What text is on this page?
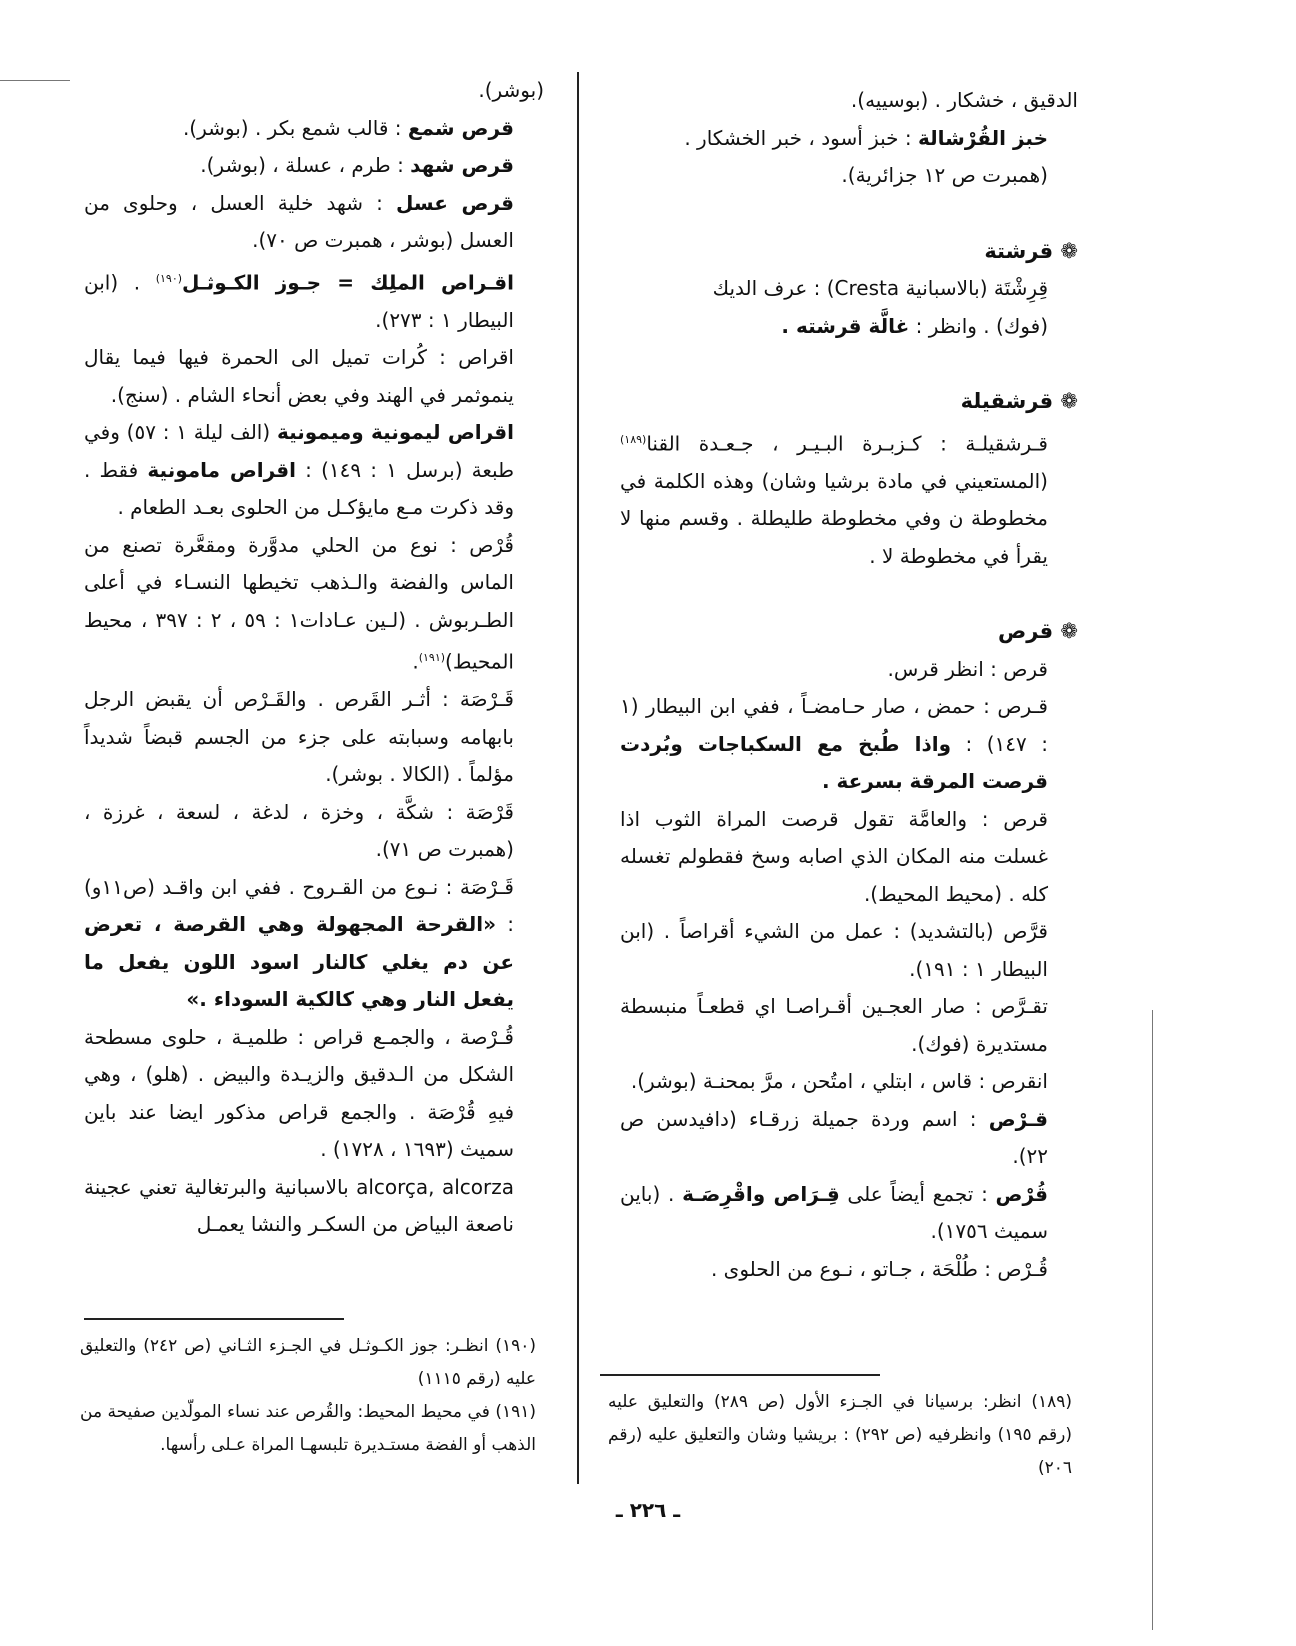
الدقيق ، خشكار . (بوسييه).

خبز القُرْشالة : خبز أسود ، خبر الخشكار .

(همبرت ص ١٢ جزائرية).

❁ قرشتة

قِرِشْتَة (بالاسبانية Cresta) : عرف الديك

(فوك) . وانظر : غالَّة قرشته .

❁ قرشقيلة

قـرشقيلـة : كـزبـرة البـيـر ، جـعـدة القنا$^{(١٨٩)}$(المستعيني في مادة برشيا وشان) وهذه الكلمة في مخطوطة ن وفي مخطوطة طليطلة . وقسم منها لا يقرأ في مخطوطة لا .

❁ قرص

قرص : انظر قرس.

قـرص : حمض ، صار حـامضـاً ، ففي ابن البيطار (١ : ١٤٧) : واذا طُبخ مع السكباجات وبُردت قرصت المرقة بسرعة .

قرص : والعامَّة تقول قرصت المراة الثوب اذا غسلت منه المكان الذي اصابه وسخ فقطولم تغسله كله . (محيط المحيط).

قرَّص (بالتشديد) : عمل من الشيء أقراصاً . (ابن البيطار ١ : ١٩١).

تقـرَّص : صار العجـين أقـراصـا اي قطعـاً منبسطة مستديرة (فوك).

انقرص : قاس ، ابتلي ، امتُحن ، مرَّ بمحنـة (بوشر).

قـرْص : اسم وردة جميلة زرقـاء (دافيدسن ص ٢٢).

قُرْص : تجمع أيضاً على قِـرَاص واقْرِصَـة . (باين سميث ١٧٥٦).

قُـرْص : طُلْحَة ، جـاتو ، نـوع من الحلوى .

(بوشر).

قرص شمع : قالب شمع بكر . (بوشر).

قرص شهد : طرم ، عسلة ، (بوشر).

قرص عسل : شهد خلية العسل ، وحلوى من العسل (بوشر ، همبرت ص ٧٠).

اقـراص الملِك = جـوز الكـوثـل$^{(١٩٠)}$ . (ابن البيطار ١ : ٢٧٣).

اقراص : كُرات تميل الى الحمرة فيها فيما يقال ينموثمر في الهند وفي بعض أنحاء الشام . (سنج).

اقراص ليمونية وميمونية (الف ليلة ١ : ٥٧) وفي طبعة (برسل ١ : ١٤٩) : اقراص مامونية فقط . وقد ذكرت مـع مايؤكـل من الحلوى بعـد الطعام .

قُرْص : نوع من الحلي مدوَّرة ومقعَّرة تصنع من الماس والفضة والـذهب تخيطها النسـاء في أعلى الطـربوش . (لـين عـادات١ : ٥٩ ، ٢ : ٣٩٧ ، محيط المحيط)$^{(١٩١)}$.

قَـرْصَة : أثـر القَرص . والقَـرْص أن يقبض الرجل بابهامه وسبابته على جزء من الجسم قبضاً شديداً مؤلماً . (الكالا . بوشر).

قَرْصَة : شكَّة ، وخزة ، لدغة ، لسعة ، غرزة ، (همبرت ص ٧١).

قَـرْصَة : نـوع من القـروح . ففي ابن واقـد (ص١١و) : «القرحة المجهولة وهي القرصة ، تعرض عن دم يغلي كالنار اسود اللون يفعل ما يفعل النار وهي كالكية السوداء .»

قُـرْصة ، والجمـع قراص : طلميـة ، حلوى مسطحة الشكل من الـدقيق والزيـدة والبيض . (هلو) ، وهي فيهِ قُرْصَة . والجمع قراص مذكور ايضا عند باين سميث (١٦٩٣ ، ١٧٢٨) .

alcorça, alcorza بالاسبانية والبرتغالية تعني عجينة ناصعة البياض من السكـر والنشا يعمـل

(١٨٩) انظر: برسيانا في الجـزء الأول (ص ٢٨٩) والتعليق عليه (رقم ١٩٥) وانظرفيه (ص ٢٩٢) : بريشيا وشان والتعليق عليه (رقم ٢٠٦)

(١٩٠) انظـر: جوز الكـوثـل في الجـزء الثـاني (ص ٢٤٢) والتعليق عليه (رقم ١١١٥)

(١٩١) في محيط المحيط: والقُرص عند نساء المولّدين صفيحة من الذهب أو الفضة مستـديرة تلبسهـا المراة عـلى رأسها.

ـ ٢٢٦ ـ
